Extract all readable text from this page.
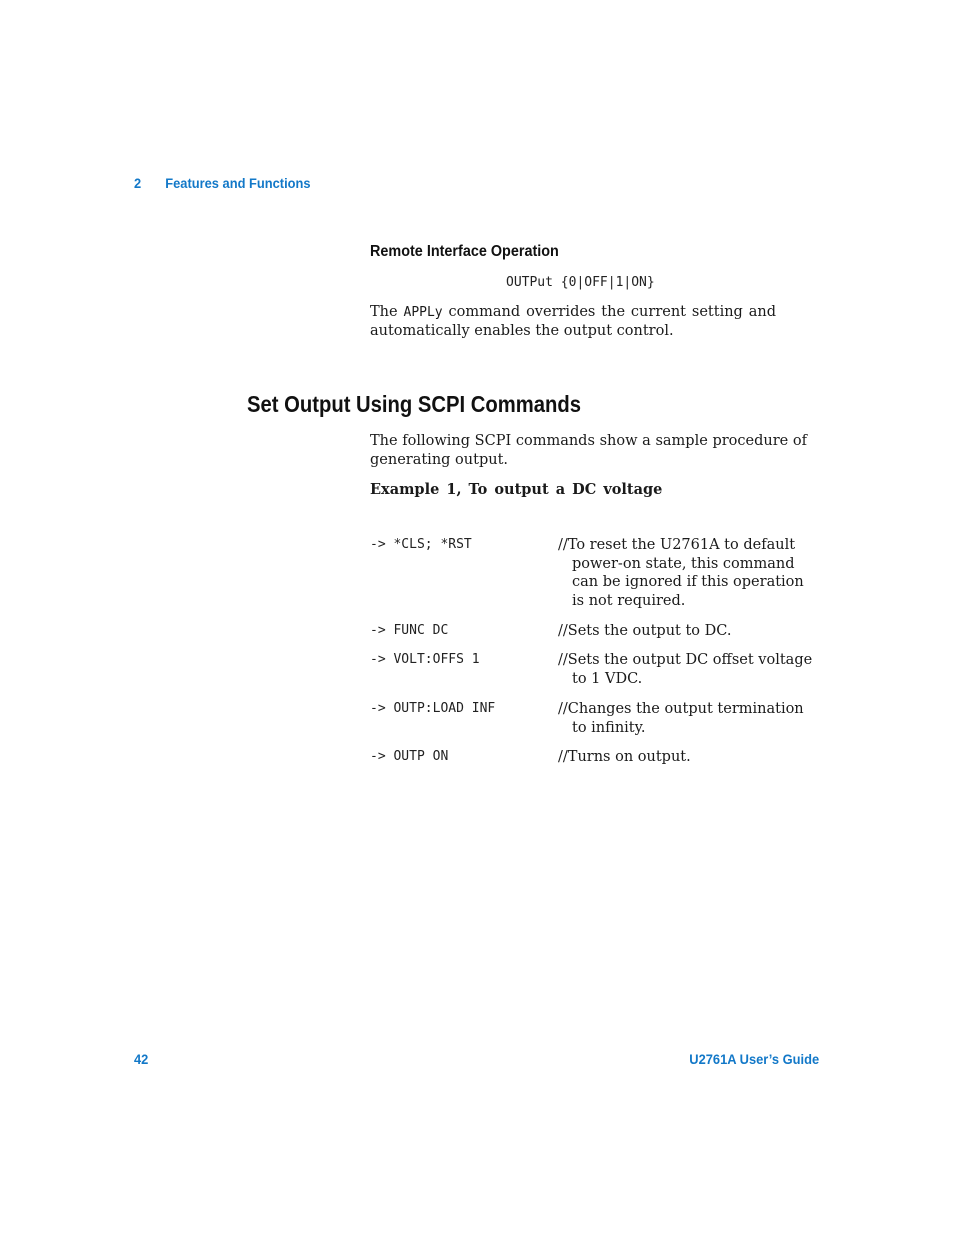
2 Features and Functions
Remote Interface Operation
OUTPut {0|OFF|1|ON}
The APPLy command overrides the current setting and automatically enables the output control.
Set Output Using SCPI Commands
The following SCPI commands show a sample procedure of generating output.
Example 1, To output a DC voltage
-> *CLS; *RST	//To reset the U2761A to default
power-on state, this command
can be ignored if this operation
is not required.
-> FUNC DC	//Sets the output to DC.
-> VOLT:OFFS 1	//Sets the output DC offset voltage
to 1 VDC.
-> OUTP:LOAD INF	//Changes the output termination
to infinity.
-> OUTP ON	//Turns on output.
42	U2761A User’s Guide
